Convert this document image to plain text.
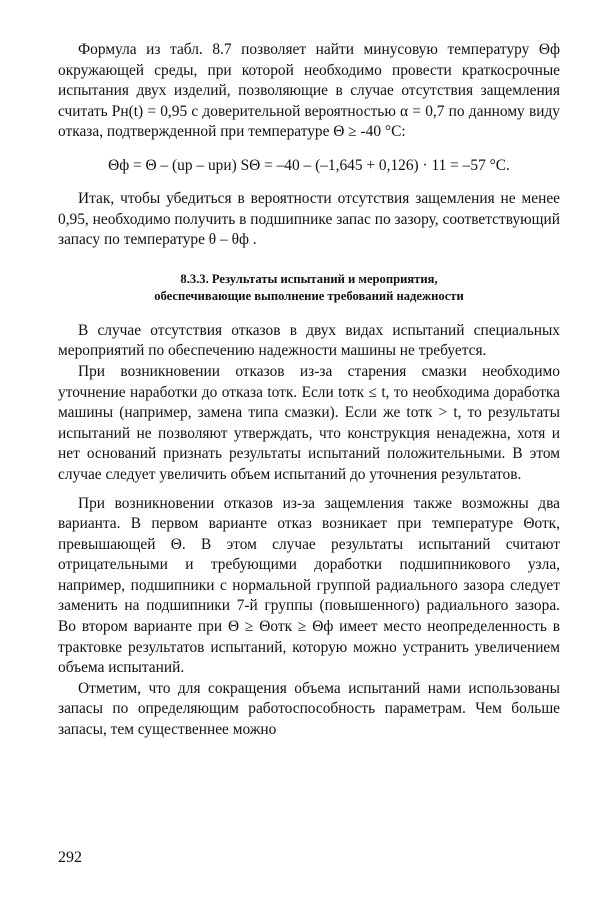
Формула из табл. 8.7 позволяет найти минусовую температуру Θф окружающей среды, при которой необходимо провести краткосрочные испытания двух изделий, позволяющие в случае отсутствия защемления считать Pн(t) = 0,95 с доверительной вероятностью α = 0,7 по данному виду отказа, подтвержденной при температуре Θ ≥ -40 °C:

Θф = Θ – (up – upи) SΘ = –40 – (–1,645 + 0,126) · 11 = –57 °C.

Итак, чтобы убедиться в вероятности отсутствия защемления не менее 0,95, необходимо получить в подшипнике запас по зазору, соответствующий запасу по температуре θ – θф .

8.3.3. Результаты испытаний и мероприятия,
обеспечивающие выполнение требований надежности

В случае отсутствия отказов в двух видах испытаний специальных мероприятий по обеспечению надежности машины не требуется.

При возникновении отказов из-за старения смазки необходимо уточнение наработки до отказа tотк. Если tотк ≤ t, то необходима доработка машины (например, замена типа смазки). Если же tотк > t, то результаты испытаний не позволяют утверждать, что конструкция ненадежна, хотя и нет оснований признать результаты испытаний положительными. В этом случае следует увеличить объем испытаний до уточнения результатов.

При возникновении отказов из-за защемления также возможны два варианта. В первом варианте отказ возникает при температуре Θотк, превышающей Θ. В этом случае результаты испытаний считают отрицательными и требующими доработки подшипникового узла, например, подшипники с нормальной группой радиального зазора следует заменить на подшипники 7-й группы (повышенного) радиального зазора. Во втором варианте при Θ ≥ Θотк ≥ Θф имеет место неопределенность в трактовке результатов испытаний, которую можно устранить увеличением объема испытаний.

Отметим, что для сокращения объема испытаний нами использованы запасы по определяющим работоспособность параметрам. Чем больше запасы, тем существеннее можно

292
